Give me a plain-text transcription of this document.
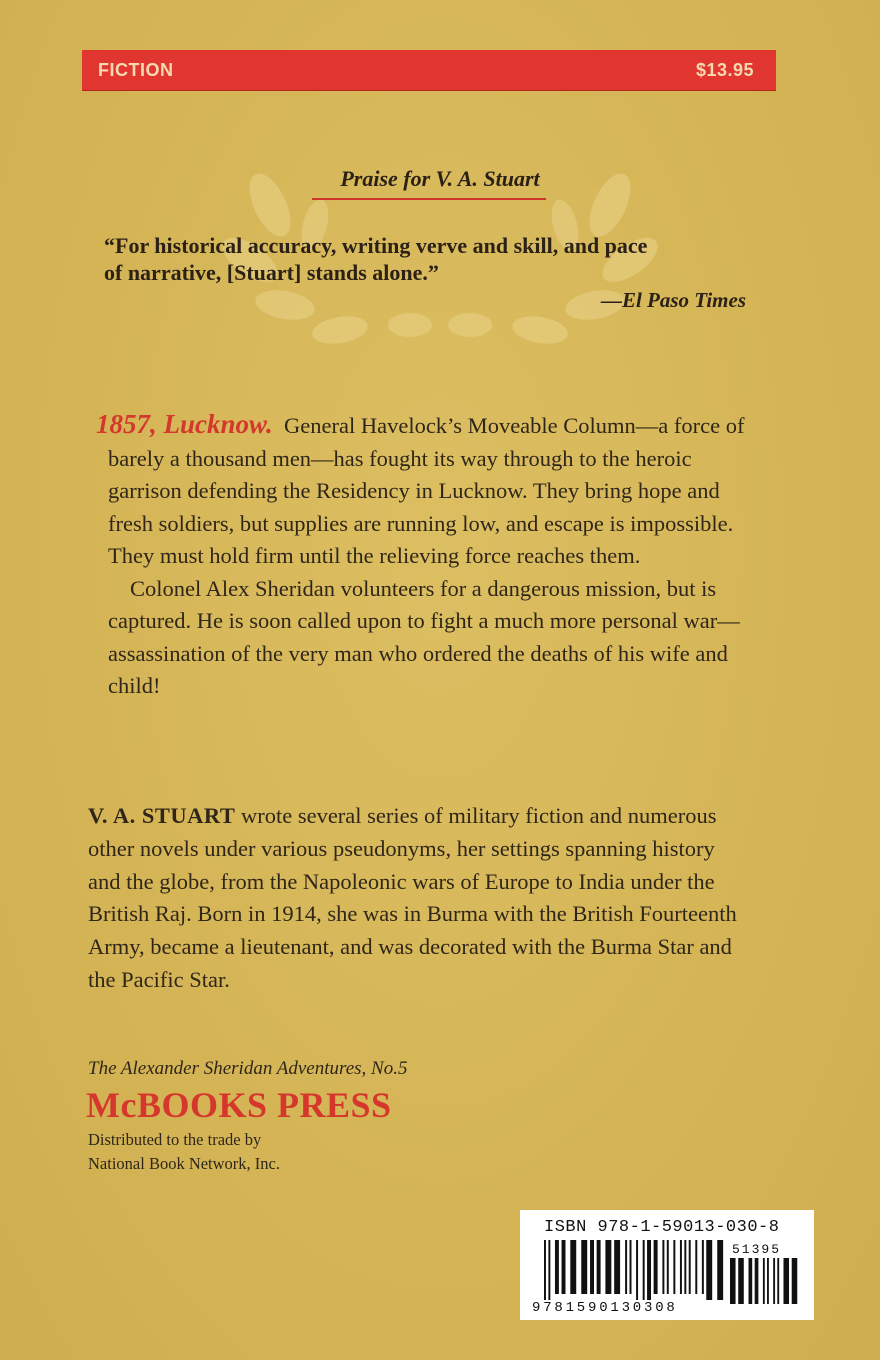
FICTION	$13.95
Praise for V. A. Stuart
“For historical accuracy, writing verve and skill, and pace
of narrative, [Stuart] stands alone.”
—El Paso Times

1857, Lucknow. General Havelock’s Moveable Column—a force of barely a thousand men—has fought its way through to the heroic garrison defending the Residency in Lucknow. They bring hope and fresh soldiers, but supplies are running low, and escape is impossible. They must hold firm until the relieving force reaches them.

Colonel Alex Sheridan volunteers for a dangerous mission, but is captured. He is soon called upon to fight a much more personal war—assassination of the very man who ordered the deaths of his wife and child!

V. A. STUART wrote several series of military fiction and numerous other novels under various pseudonyms, her settings spanning history and the globe, from the Napoleonic wars of Europe to India under the British Raj. Born in 1914, she was in Burma with the British Fourteenth Army, became a lieutenant, and was decorated with the Burma Star and the Pacific Star.
The Alexander Sheridan Adventures, No.5
McBOOKS PRESS
Distributed to the trade by
National Book Network, Inc.
ISBN 978-1-59013-030-8
51395
9781590130308
